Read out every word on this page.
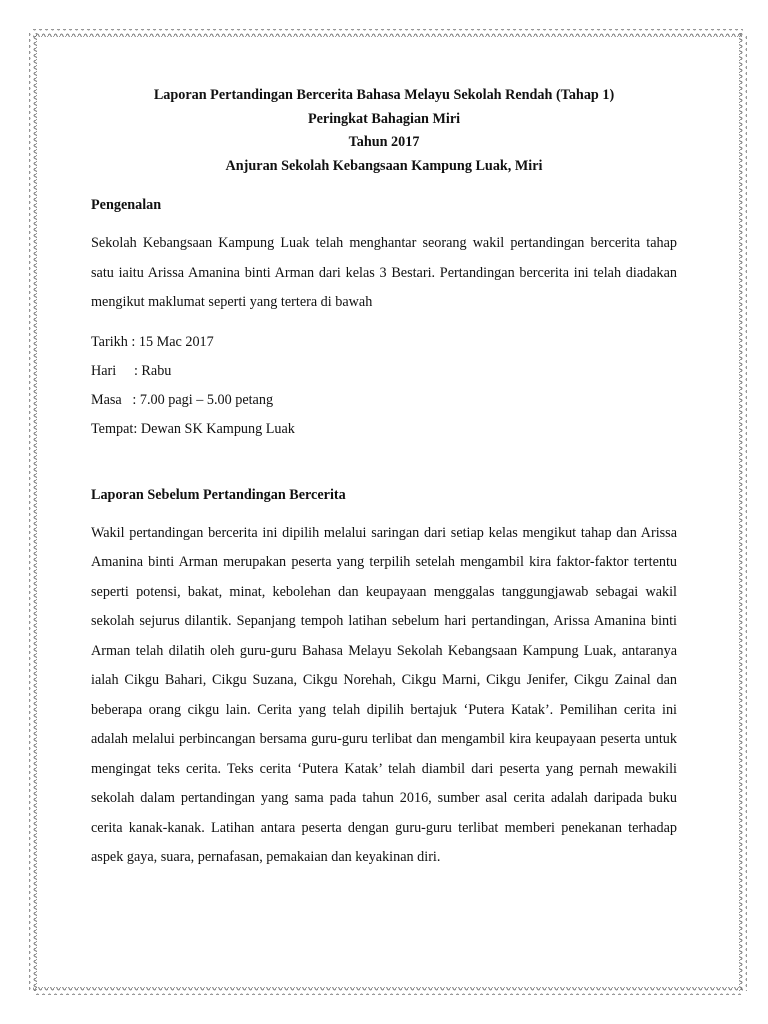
Laporan Pertandingan Bercerita Bahasa Melayu Sekolah Rendah (Tahap 1)
Peringkat Bahagian Miri
Tahun 2017
Anjuran Sekolah Kebangsaan Kampung Luak, Miri

Pengenalan

Sekolah Kebangsaan Kampung Luak telah menghantar seorang wakil pertandingan bercerita tahap satu iaitu Arissa Amanina binti Arman dari kelas 3 Bestari. Pertandingan bercerita ini telah diadakan mengikut maklumat seperti yang tertera di bawah

Tarikh : 15 Mac 2017

Hari     : Rabu

Masa   : 7.00 pagi – 5.00 petang

Tempat: Dewan SK Kampung Luak

Laporan Sebelum Pertandingan Bercerita

Wakil pertandingan bercerita ini dipilih melalui saringan dari setiap kelas mengikut tahap dan Arissa Amanina binti Arman merupakan peserta yang terpilih setelah mengambil kira faktor-faktor tertentu seperti potensi, bakat, minat, kebolehan dan keupayaan menggalas tanggungjawab sebagai wakil sekolah sejurus dilantik. Sepanjang tempoh latihan sebelum hari pertandingan, Arissa Amanina binti Arman telah dilatih oleh guru-guru Bahasa Melayu Sekolah Kebangsaan Kampung Luak, antaranya ialah Cikgu Bahari, Cikgu Suzana, Cikgu Norehah, Cikgu Marni, Cikgu Jenifer, Cikgu Zainal dan beberapa orang cikgu lain. Cerita yang telah dipilih bertajuk ‘Putera Katak’. Pemilihan cerita ini adalah melalui perbincangan bersama guru-guru terlibat dan mengambil kira keupayaan peserta untuk mengingat teks cerita. Teks cerita ‘Putera Katak’ telah diambil dari peserta yang pernah mewakili sekolah dalam pertandingan yang sama pada tahun 2016, sumber asal cerita adalah daripada buku cerita kanak-kanak. Latihan antara peserta dengan guru-guru terlibat memberi penekanan terhadap aspek gaya, suara, pernafasan, pemakaian dan keyakinan diri.
